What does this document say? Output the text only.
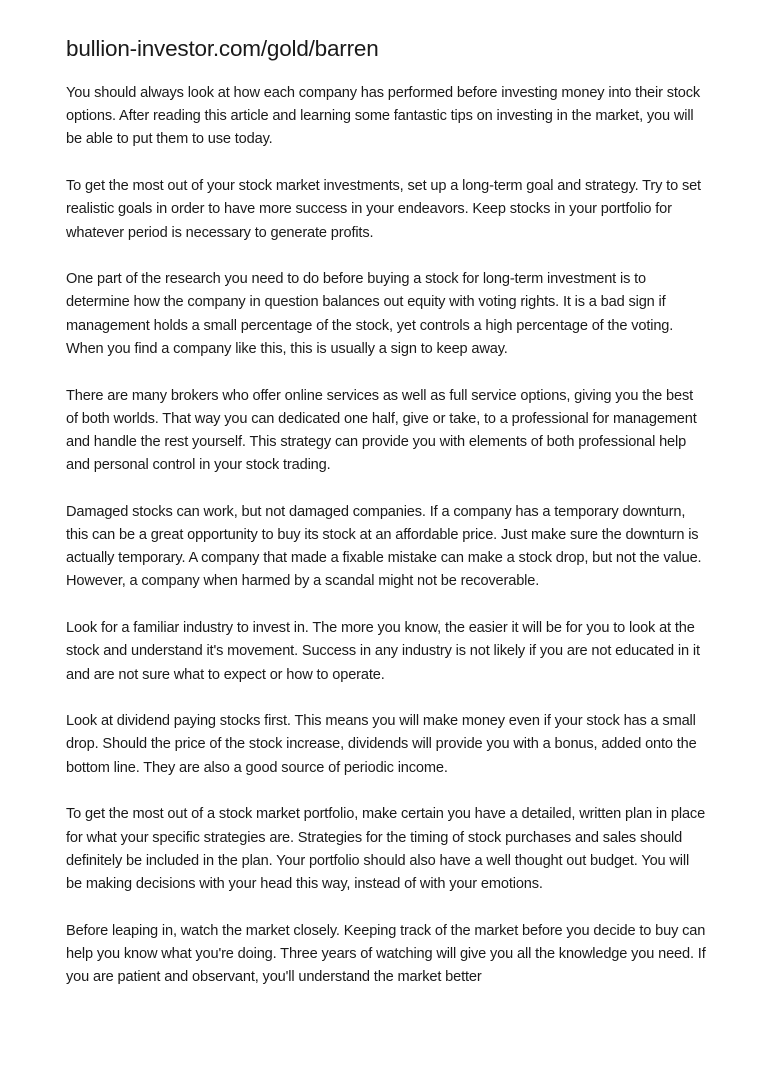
bullion-investor.com/gold/barren

You should always look at how each company has performed before investing money into their stock options. After reading this article and learning some fantastic tips on investing in the market, you will be able to put them to use today.

To get the most out of your stock market investments, set up a long-term goal and strategy. Try to set realistic goals in order to have more success in your endeavors. Keep stocks in your portfolio for whatever period is necessary to generate profits.

One part of the research you need to do before buying a stock for long-term investment is to determine how the company in question balances out equity with voting rights. It is a bad sign if management holds a small percentage of the stock, yet controls a high percentage of the voting. When you find a company like this, this is usually a sign to keep away.

There are many brokers who offer online services as well as full service options, giving you the best of both worlds. That way you can dedicated one half, give or take, to a professional for management and handle the rest yourself. This strategy can provide you with elements of both professional help and personal control in your stock trading.

Damaged stocks can work, but not damaged companies. If a company has a temporary downturn, this can be a great opportunity to buy its stock at an affordable price. Just make sure the downturn is actually temporary. A company that made a fixable mistake can make a stock drop, but not the value. However, a company when harmed by a scandal might not be recoverable.

Look for a familiar industry to invest in. The more you know, the easier it will be for you to look at the stock and understand it's movement. Success in any industry is not likely if you are not educated in it and are not sure what to expect or how to operate.

Look at dividend paying stocks first. This means you will make money even if your stock has a small drop. Should the price of the stock increase, dividends will provide you with a bonus, added onto the bottom line. They are also a good source of periodic income.

To get the most out of a stock market portfolio, make certain you have a detailed, written plan in place for what your specific strategies are. Strategies for the timing of stock purchases and sales should definitely be included in the plan. Your portfolio should also have a well thought out budget. You will be making decisions with your head this way, instead of with your emotions.

Before leaping in, watch the market closely. Keeping track of the market before you decide to buy can help you know what you're doing. Three years of watching will give you all the knowledge you need. If you are patient and observant, you'll understand the market better
